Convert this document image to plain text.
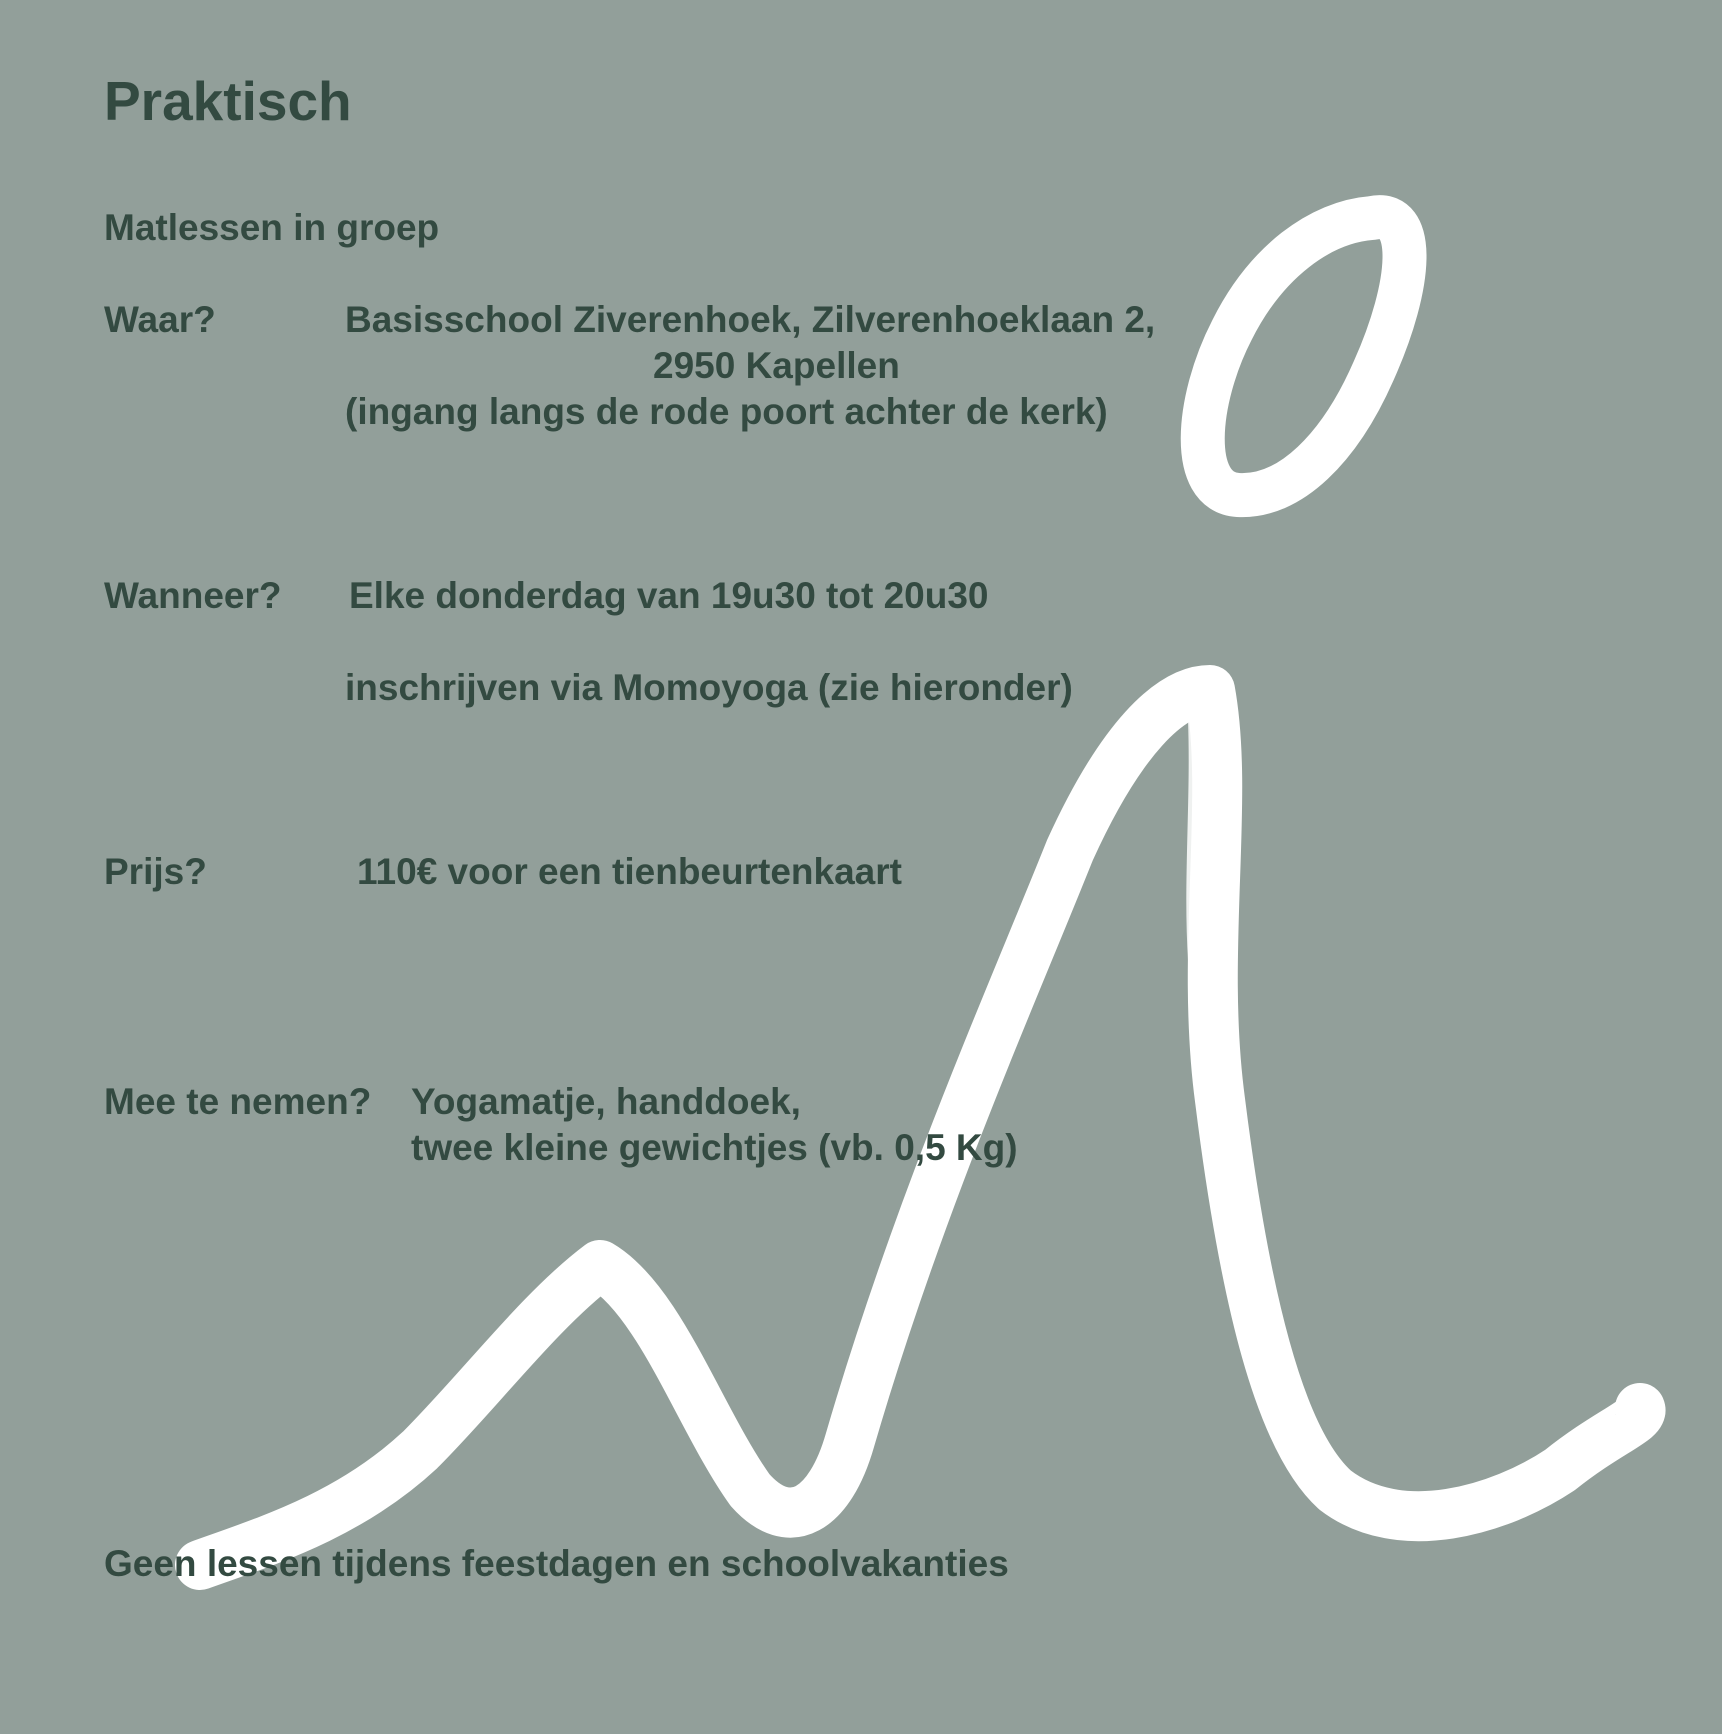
Praktisch
Matlessen in groep
Waar?	Basisschool Ziverenhoek, Zilverenhoeklaan 2,
2950 Kapellen
(ingang langs de rode poort achter de kerk)
Wanneer? Elke donderdag van 19u30 tot 20u30
inschrijven via Momoyoga (zie hieronder)
Prijs?	110€ voor een tienbeurtenkaart
Mee te nemen? Yogamatje, handdoek,
twee kleine gewichtjes (vb. 0,5 Kg)
Geen lessen tijdens feestdagen en schoolvakanties
